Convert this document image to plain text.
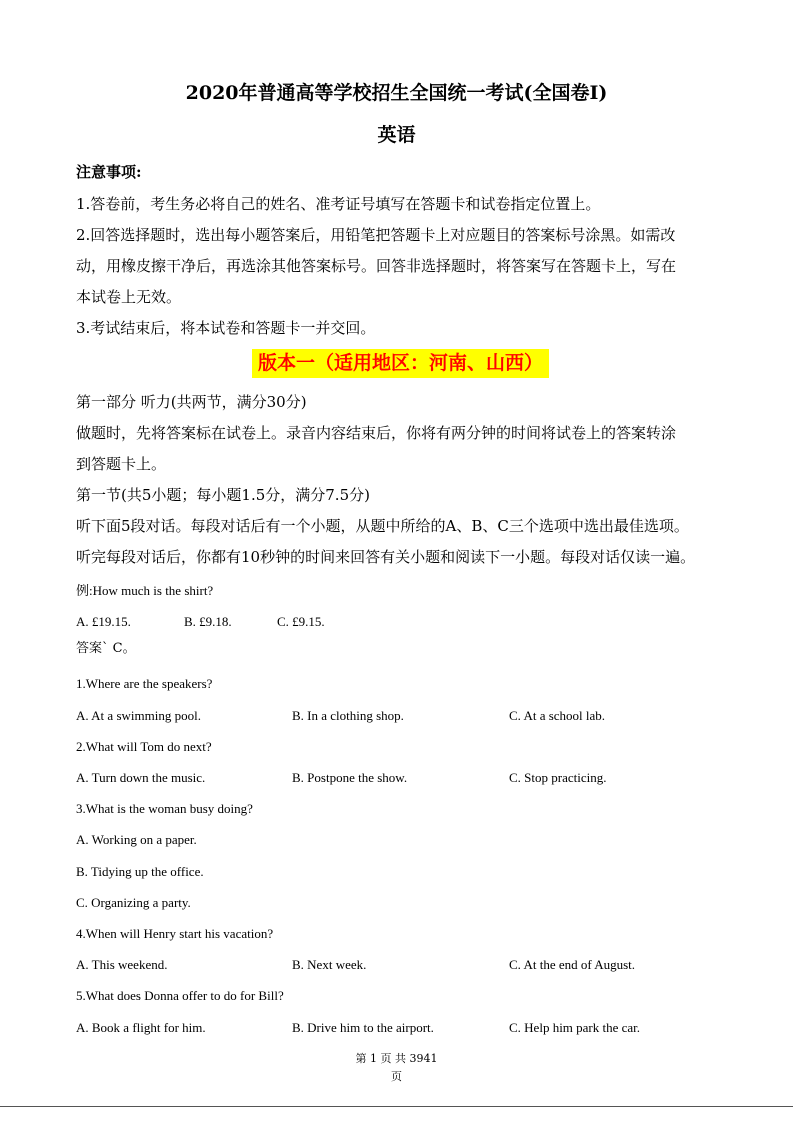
2020年普通高等学校招生全国统一考试(全国卷Ⅰ)
英语
注意事项:
1.答卷前，考生务必将自己的姓名、准考证号填写在答题卡和试卷指定位置上。
2.回答选择题时，选出每小题答案后，用铅笔把答题卡上对应题目的答案标号涂黑。如需改
动，用橡皮擦干净后，再选涂其他答案标号。回答非选择题时，将答案写在答题卡上，写在
本试卷上无效。
3.考试结束后，将本试卷和答题卡一并交回。
版本一（适用地区：河南、山西）
第一部分 听力(共两节，满分30分)
做题时，先将答案标在试卷上。录音内容结束后，你将有两分钟的时间将试卷上的答案转涂
到答题卡上。
第一节(共5小题；每小题1.5分，满分7.5分)
听下面5段对话。每段对话后有一个小题，从题中所给的A、B、C三个选项中选出最佳选项。
听完每段对话后，你都有10秒钟的时间来回答有关小题和阅读下一小题。每段对话仅读一遍。
例:How much is the shirt?
A. £19.15.	B. £9.18.	C. £9.15.
答案ˋ C。
1.Where are the speakers?
A. At a swimming pool.	B. In a clothing shop.	C. At a school lab.
2.What will Tom do next?
A. Turn down the music.	B. Postpone the show.	C. Stop practicing.
3.What is the woman busy doing?
A. Working on a paper.
B. Tidying up the office.
C. Organizing a party.
4.When will Henry start his vacation?
A. This weekend.	B. Next week.	C. At the end of August.
5.What does Donna offer to do for Bill?
A. Book a flight for him.	B. Drive him to the airport.	C. Help him park the car.
第 1 页 共 3941
页
